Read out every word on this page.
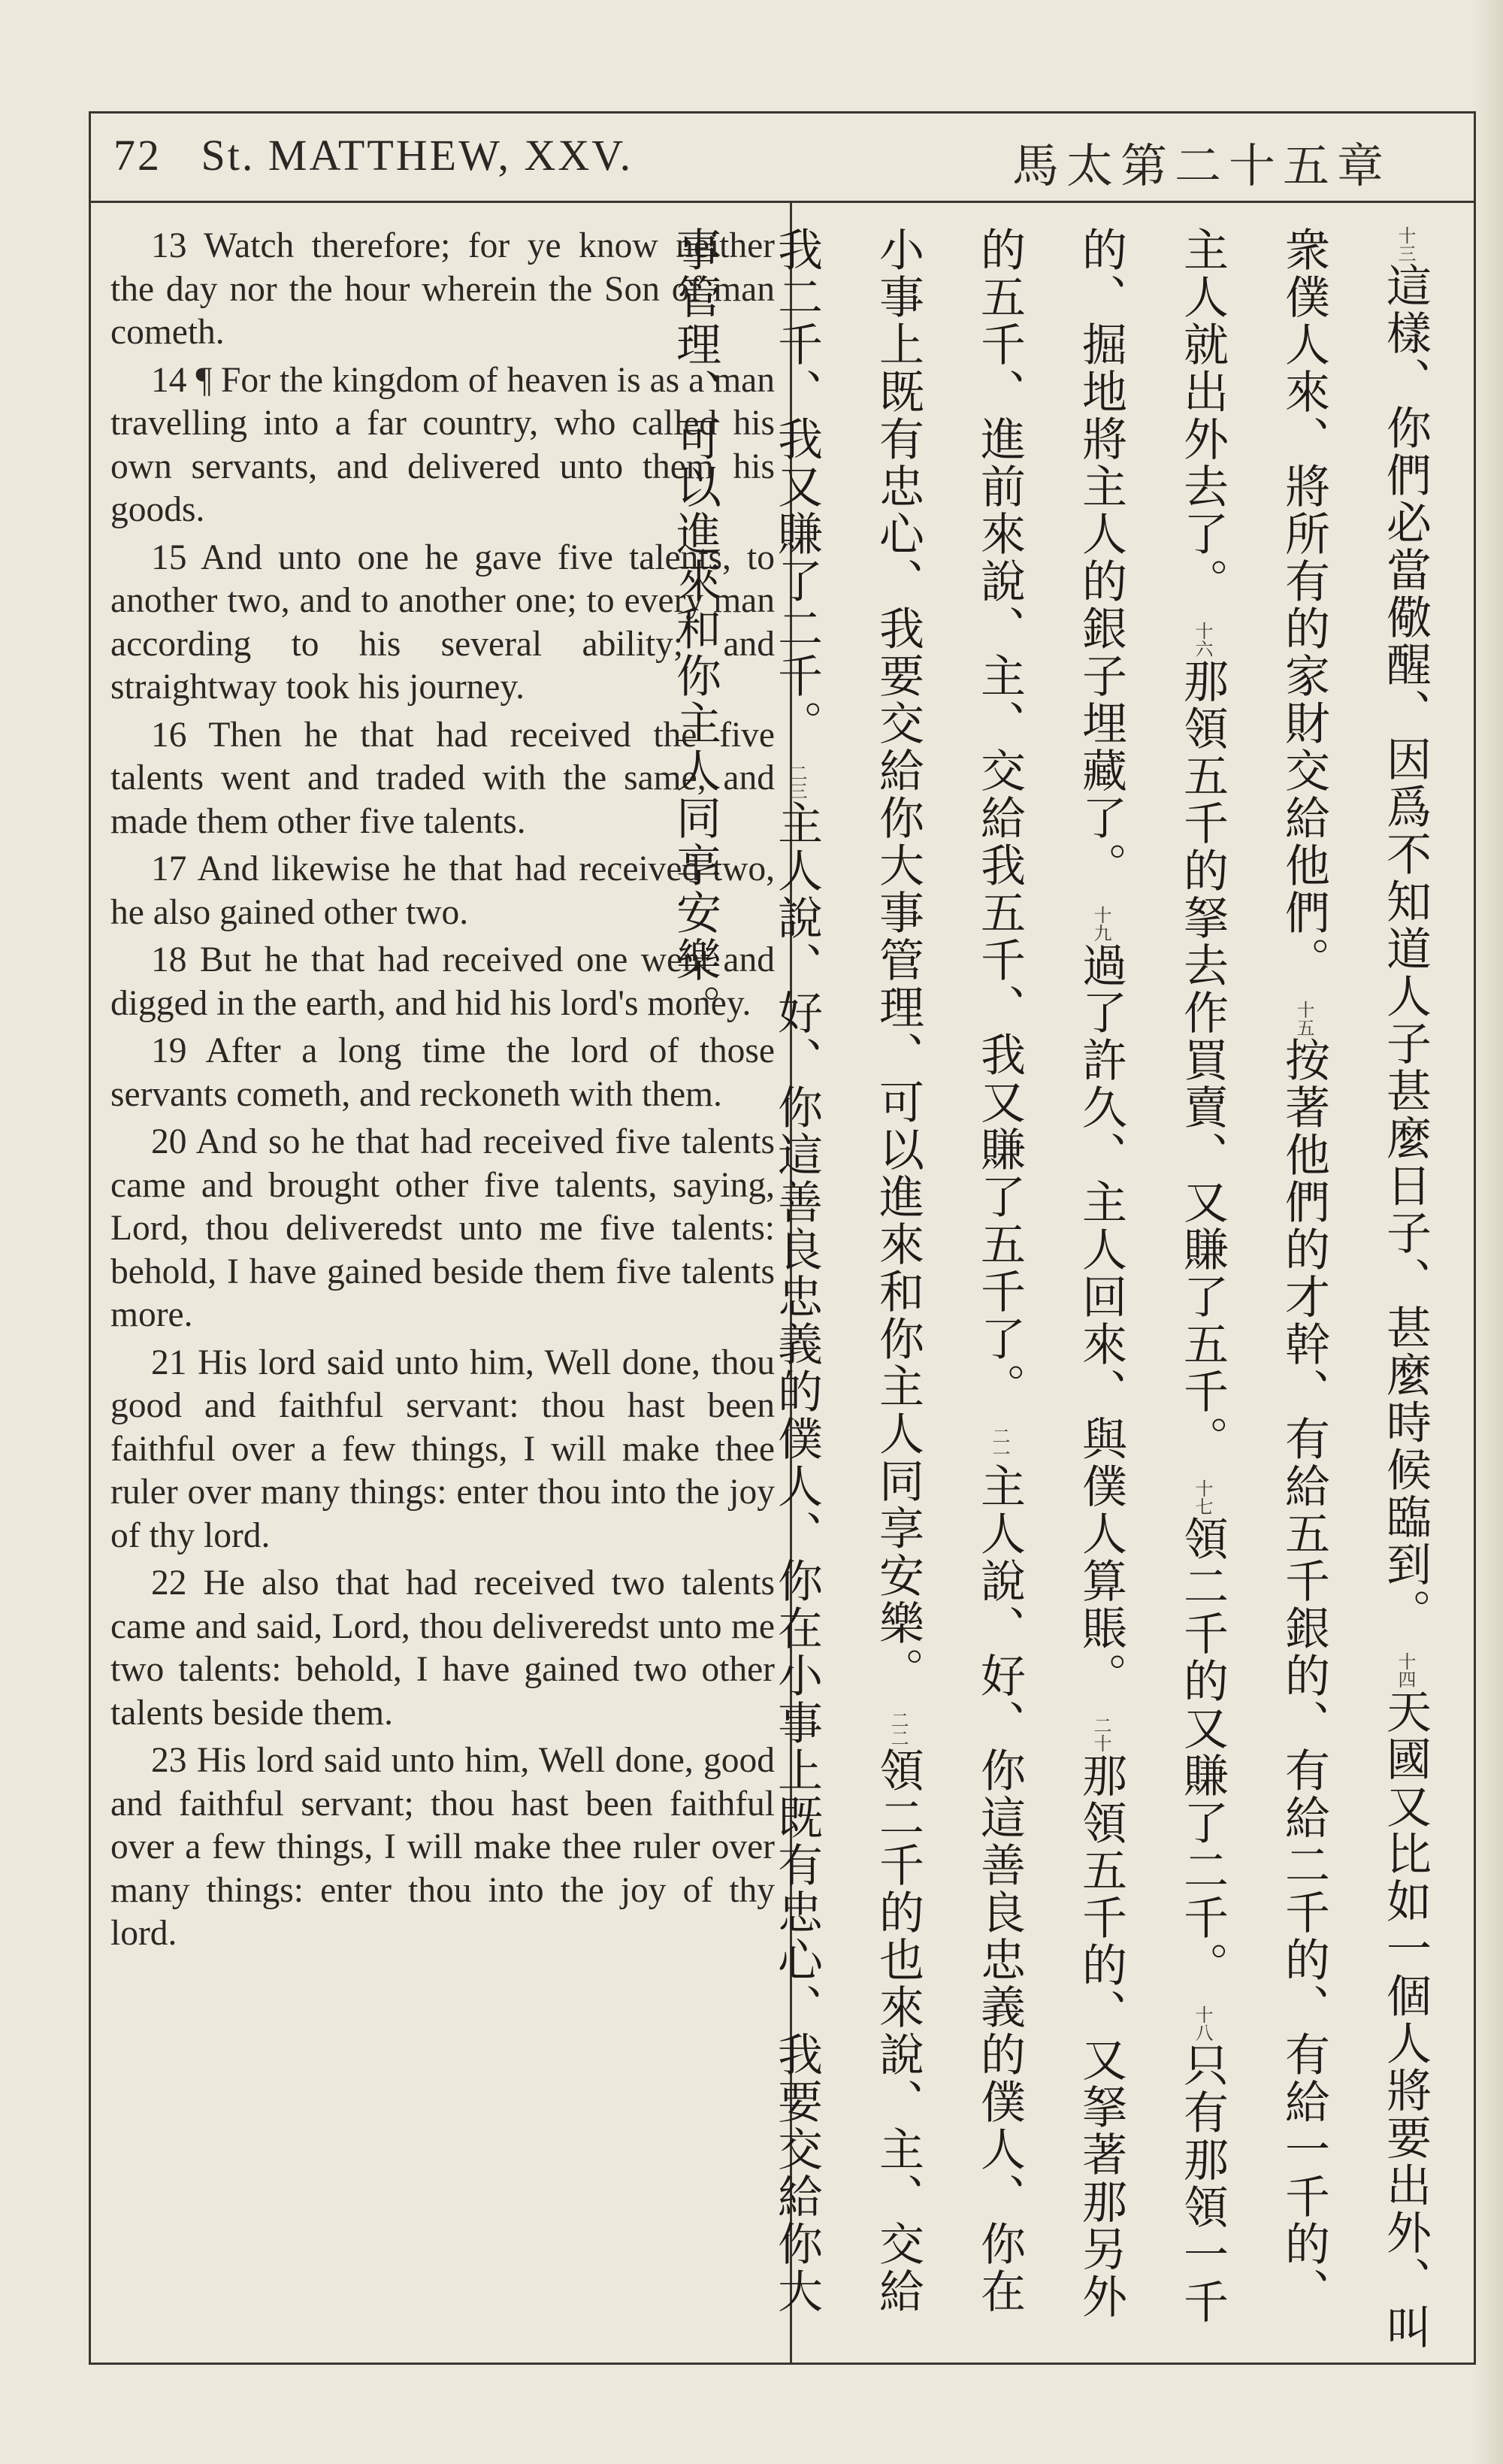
72 St. MATTHEW, XXV.	馬太第二十五章

13 Watch therefore; for ye know neither the day nor the hour wherein the Son of man cometh.

14 ¶ For the kingdom of heaven is as a man travelling into a far country, who called his own servants, and delivered unto them his goods.

15 And unto one he gave five talents, to another two, and to another one; to every man according to his several ability; and straightway took his journey.

16 Then he that had received the five talents went and traded with the same, and made them other five talents.

17 And likewise he that had received two, he also gained other two.

18 But he that had received one went and digged in the earth, and hid his lord's money.

19 After a long time the lord of those servants cometh, and reckoneth with them.

20 And so he that had received five talents came and brought other five talents, saying, Lord, thou deliveredst unto me five talents: behold, I have gained beside them five talents more.

21 His lord said unto him, Well done, thou good and faithful servant: thou hast been faithful over a few things, I will make thee ruler over many things: enter thou into the joy of thy lord.

22 He also that had received two talents came and said, Lord, thou deliveredst unto me two talents: behold, I have gained two other talents beside them.

23 His lord said unto him, Well done, good and faithful servant; thou hast been faithful over a few things, I will make thee ruler over many things: enter thou into the joy of thy lord.

十三這樣、你們必當儆醒、因爲不知道人子甚麼日子、甚麼時候臨到。 十四天國又比如一個人將要出外、叫衆僕人來、將所有的家財交給他們。 十五按著他們的才幹、有給五千銀的、有給二千的、有給一千的、主人就出外去了。 十六那領五千的拏去作買賣、又賺了五千。 十七領二千的又賺了二千。 十八只有那領一千的、掘地將主人的銀子埋藏了。 十九過了許久、主人回來、與僕人算賬。 二十那領五千的、又拏著那另外的五千、進前來說、主、交給我五千、我又賺了五千了。 二一主人說、好、你這善良忠義的僕人、你在小事上既有忠心、我要交給你大事管理、可以進來和你主人同享安樂。 二二領二千的也來說、主、交給我二千、我又賺了二千。 二三主人說、好、你這善良忠義的僕人、你在小事上既有忠心、我要交給你大事管理、可以進來和你主人同享安樂。
